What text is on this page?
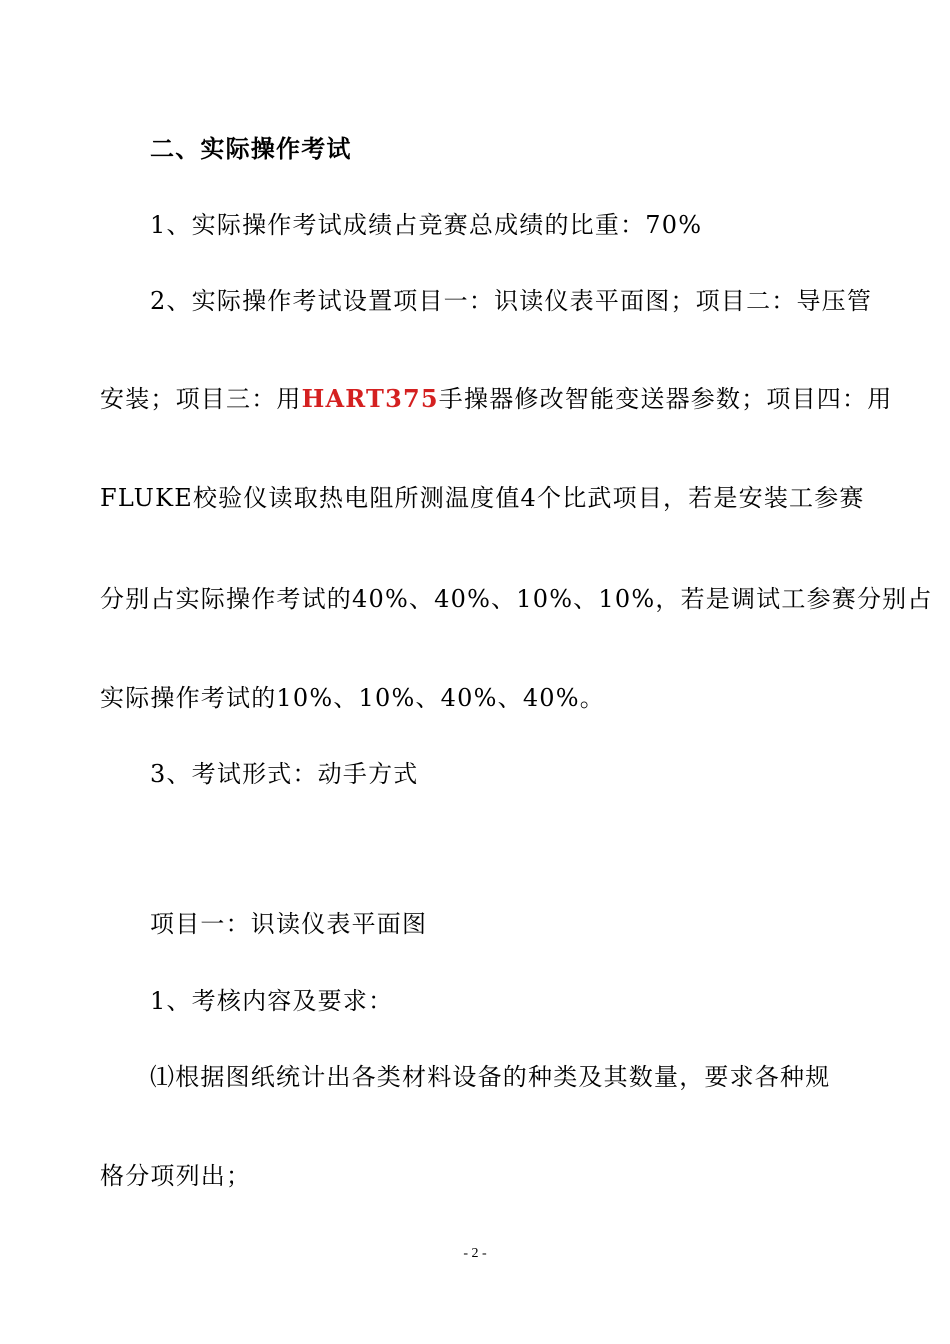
二、实际操作考试
1、实际操作考试成绩占竞赛总成绩的比重：70%
2、实际操作考试设置项目一：识读仪表平面图；项目二：导压管
安装；项目三：用HART375手操器修改智能变送器参数；项目四：用
FLUKE校验仪读取热电阻所测温度值4个比武项目，若是安装工参赛
分别占实际操作考试的40%、40%、10%、10%，若是调试工参赛分别占
实际操作考试的10%、10%、40%、40%。
3、考试形式：动手方式
项目一：识读仪表平面图
1、考核内容及要求：
⑴根据图纸统计出各类材料设备的种类及其数量，要求各种规
格分项列出；
- 2 -
